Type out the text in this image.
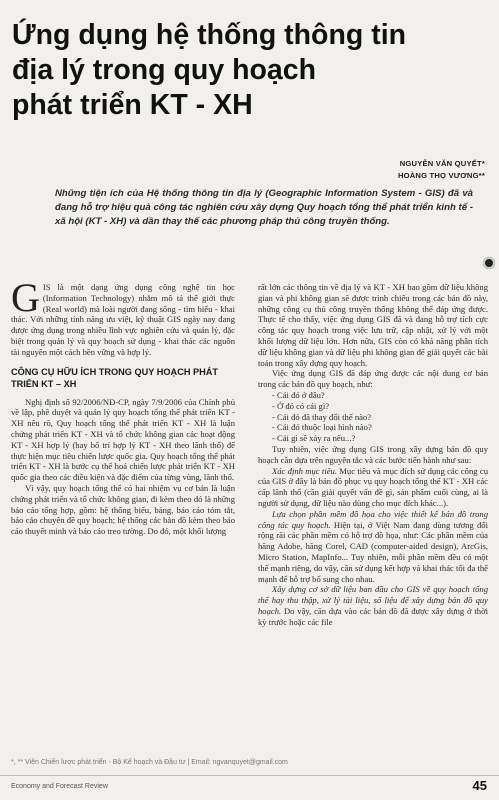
Ứng dụng hệ thống thông tin
địa lý trong quy hoạch
phát triển KT - XH
NGUYỄN VĂN QUYẾT*
HOÀNG THỌ VƯƠNG**

Những tiện ích của Hệ thống thông tin địa lý (Geographic Information System - GIS) đã và đang hỗ trợ hiệu quả công tác nghiên cứu xây dựng Quy hoạch tổng thể phát triển kinh tế - xã hội (KT - XH) và dần thay thế các phương pháp thủ công truyền thống.

G IS là một dạng ứng dụng công nghệ tin học (Information Technology) nhằm mô tả thế giới thực (Real world) mà loài người đang sống - tìm hiểu - khai thác. Với những tính năng ưu việt, kỹ thuật GIS ngày nay đang được ứng dụng trong nhiều lĩnh vực nghiên cứu và quản lý, đặc biệt trong quản lý và quy hoạch sử dụng - khai thác các nguồn tài nguyên một cách bền vững và hợp lý.

CÔNG CỤ HỮU ÍCH TRONG QUY HOẠCH PHÁT TRIỂN KT – XH

Nghị định số 92/2006/NĐ-CP, ngày 7/9/2006 của Chính phủ về lập, phê duyệt và quản lý quy hoạch tổng thể phát triển KT - XH nêu rõ, Quy hoạch tổng thể phát triển KT - XH là luận chứng phát triển KT - XH và tổ chức không gian các hoạt động KT - XH hợp lý (hay bố trí hợp lý KT - XH theo lãnh thổ) để thực hiện mục tiêu chiến lược quốc gia. Quy hoạch tổng thể phát triển KT - XH là bước cụ thể hoá chiến lược phát triển KT - XH quốc gia theo các điều kiện và đặc điểm của từng vùng, lãnh thổ.

Vì vậy, quy hoạch tổng thể có hai nhiệm vụ cơ bản là luận chứng phát triển và tổ chức không gian, đi kèm theo đó là những báo cáo tổng hợp, gồm: hệ thống biểu, bảng, báo cáo tóm tắt, báo cáo chuyên đề quy hoạch; hệ thống các bản đồ kèm theo báo cáo thuyết minh và báo cáo treo tường. Do đó, một khối lượng

rất lớn các thông tin về địa lý và KT - XH bao gồm dữ liệu không gian và phi không gian sẽ được trình chiếu trong các bản đồ này, những công cụ thủ công truyền thống không thể đáp ứng được. Thực tế cho thấy, việc ứng dụng GIS đã và đang hỗ trợ tích cực công tác quy hoạch trong việc lưu trữ, cập nhật, xử lý với một khối lượng dữ liệu lớn. Hơn nữa, GIS còn có khả năng phân tích dữ liệu không gian và dữ liệu phi không gian để giải quyết các bài toán trong xây dựng quy hoạch.

Việc ứng dụng GIS đã đáp ứng được các nội dung cơ bản trong các bản đồ quy hoạch, như:

- Cái đó ở đâu?
- Ở đó có cái gì?
- Cái đó đã thay đổi thế nào?
- Cái đó thuộc loại hình nào?
- Cái gì sẽ xảy ra nếu...?

Tuy nhiên, việc ứng dụng GIS trong xây dựng bản đồ quy hoạch cần dựa trên nguyên tắc và các bước tiến hành như sau:

Xác định mục tiêu. Mục tiêu và mục đích sử dụng các công cụ của GIS ở đây là bản đồ phục vụ quy hoạch tổng thể KT - XH các cấp lãnh thổ (cần giải quyết vấn đề gì, sản phẩm cuối cùng, ai là người sử dụng, dữ liệu nào dùng cho mục đích khác...).

Lựa chọn phần mềm đồ họa cho việc thiết kế bản đồ trong công tác quy hoạch. Hiện tại, ở Việt Nam đang dùng tương đối rộng rãi các phần mềm có hỗ trợ đồ họa, như: Các phần mềm của hãng Adobe, hãng Corel, CAD (computer-aided design), ArcGis, Micro Station, MapInfo... Tuy nhiên, mỗi phần mềm đều có một thế mạnh riêng, do vậy, cần sử dụng kết hợp và khai thác tối đa thế mạnh để hỗ trợ bổ sung cho nhau.

Xây dựng cơ sở dữ liệu ban đầu cho GIS về quy hoạch tổng thể hay thu thập, xử lý tài liệu, số liệu để xây dựng bản đồ quy hoạch. Do vậy, căn dựa vào các bản đồ đã được xây dựng ở thời kỳ trước hoặc các file

*, ** Viện Chiến lược phát triển - Bộ Kế hoạch và Đầu tư | Email: ngvanquyet@gmail.com
Economy and Forecast Review	45
